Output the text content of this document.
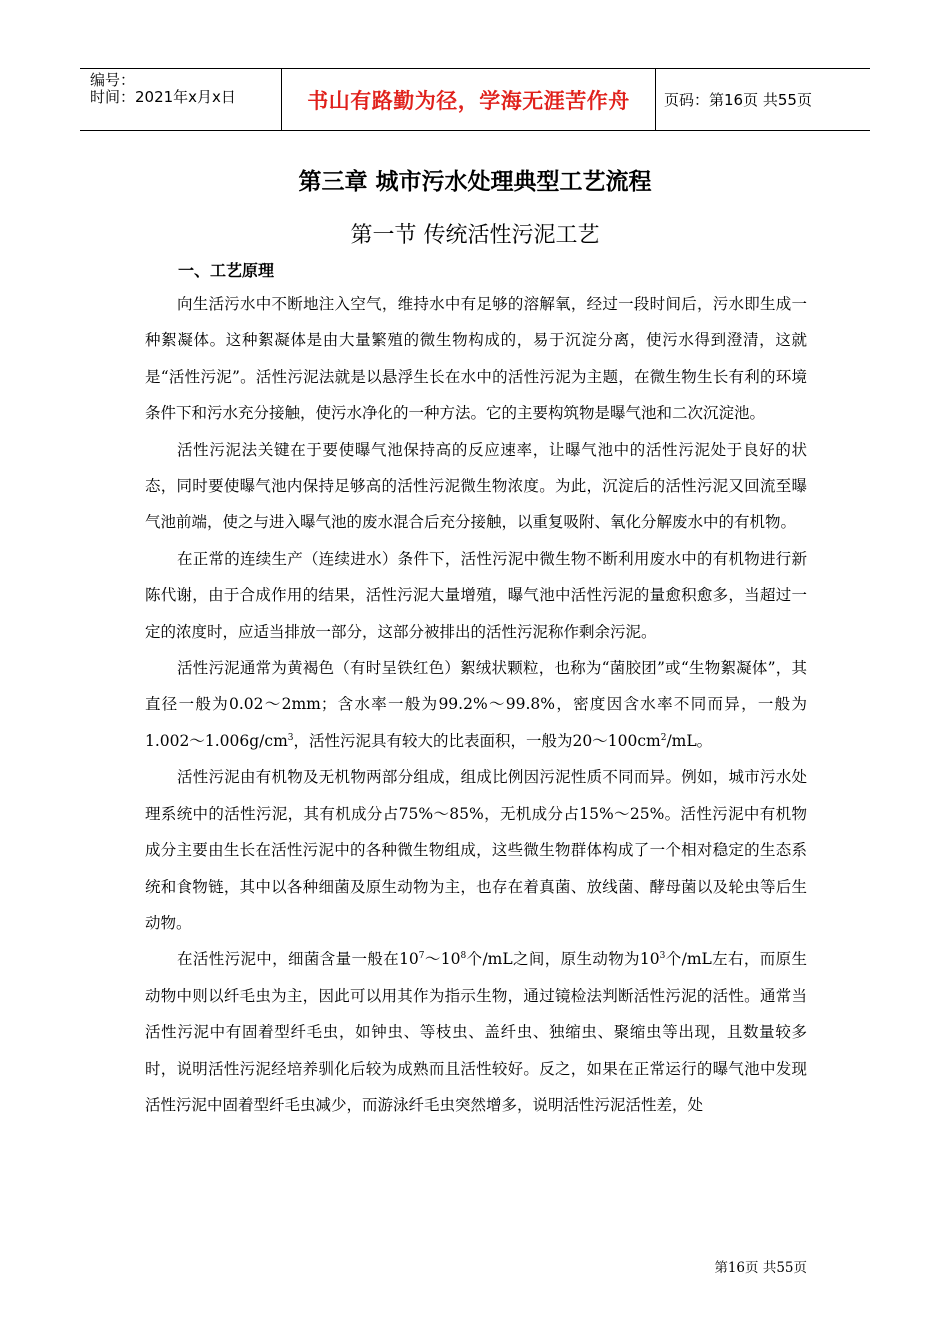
编号：
时间：2021年x月x日	书山有路勤为径，学海无涯苦作舟 页码：第16页 共55页
第三章 城市污水处理典型工艺流程
第一节 传统活性污泥工艺
一、工艺原理

向生活污水中不断地注入空气，维持水中有足够的溶解氧，经过一段时间后，污水即生成一种絮凝体。这种絮凝体是由大量繁殖的微生物构成的，易于沉淀分离，使污水得到澄清，这就是“活性污泥”。活性污泥法就是以悬浮生长在水中的活性污泥为主题，在微生物生长有利的环境条件下和污水充分接触，使污水净化的一种方法。它的主要构筑物是曝气池和二次沉淀池。

活性污泥法关键在于要使曝气池保持高的反应速率，让曝气池中的活性污泥处于良好的状态，同时要使曝气池内保持足够高的活性污泥微生物浓度。为此，沉淀后的活性污泥又回流至曝气池前端，使之与进入曝气池的废水混合后充分接触，以重复吸附、氧化分解废水中的有机物。

在正常的连续生产（连续进水）条件下，活性污泥中微生物不断利用废水中的有机物进行新陈代谢，由于合成作用的结果，活性污泥大量增殖，曝气池中活性污泥的量愈积愈多，当超过一定的浓度时，应适当排放一部分，这部分被排出的活性污泥称作剩余污泥。

活性污泥通常为黄褐色（有时呈铁红色）絮绒状颗粒，也称为“菌胶团”或“生物絮凝体”，其直径一般为0.02～2mm；含水率一般为99.2%～99.8%，密度因含水率不同而异，一般为$1.002\sim 1.006g/cm^3$，活性污泥具有较大的比表面积，一般为$20\sim 100cm^2/mL$。

活性污泥由有机物及无机物两部分组成，组成比例因污泥性质不同而异。例如，城市污水处理系统中的活性污泥，其有机成分占75%～85%，无机成分占15%～25%。活性污泥中有机物成分主要由生长在活性污泥中的各种微生物组成，这些微生物群体构成了一个相对稳定的生态系统和食物链，其中以各种细菌及原生动物为主，也存在着真菌、放线菌、酵母菌以及轮虫等后生动物。

在活性污泥中，细菌含量一般在$10^7\sim 10^8$个/mL之间，原生动物为$10^3$个/mL左右，而原生动物中则以纤毛虫为主，因此可以用其作为指示生物，通过镜检法判断活性污泥的活性。通常当活性污泥中有固着型纤毛虫，如钟虫、等枝虫、盖纤虫、独缩虫、聚缩虫等出现，且数量较多时，说明活性污泥经培养驯化后较为成熟而且活性较好。反之，如果在正常运行的曝气池中发现活性污泥中固着型纤毛虫减少，而游泳纤毛虫突然增多，说明活性污泥活性差，处

第16页 共55页
